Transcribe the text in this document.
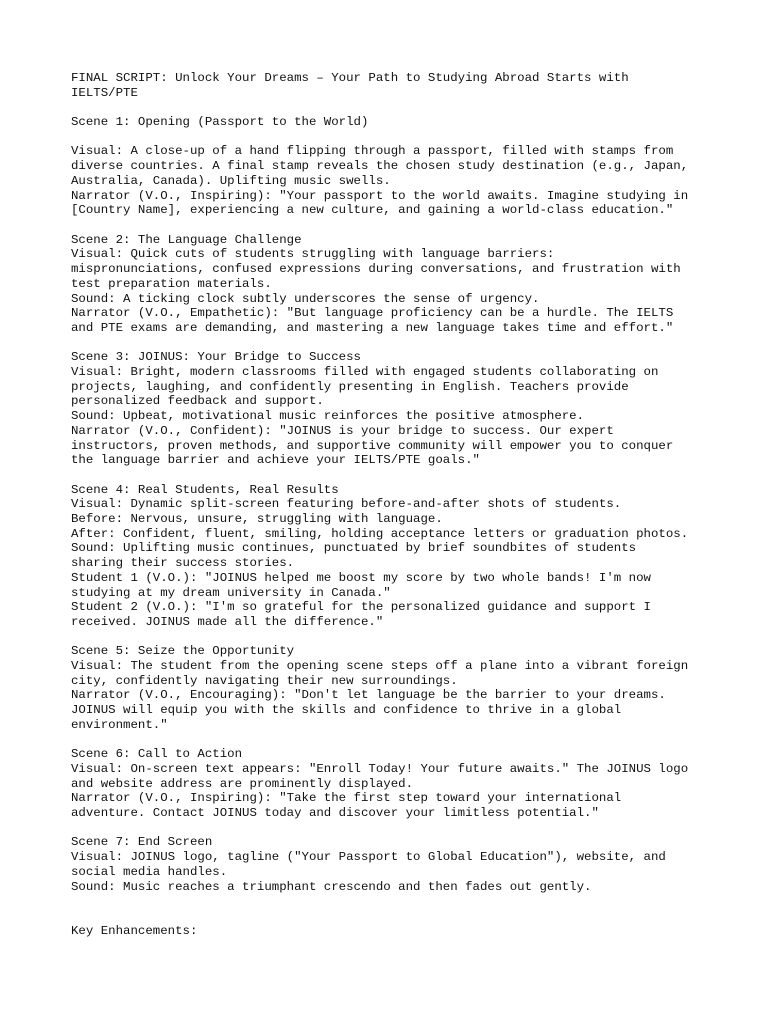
FINAL SCRIPT: Unlock Your Dreams – Your Path to Studying Abroad Starts with
IELTS/PTE
Scene 1: Opening (Passport to the World)
Visual: A close-up of a hand flipping through a passport, filled with stamps from
diverse countries. A final stamp reveals the chosen study destination (e.g., Japan,
Australia, Canada). Uplifting music swells.
Narrator (V.O., Inspiring): "Your passport to the world awaits. Imagine studying in
[Country Name], experiencing a new culture, and gaining a world-class education."
Scene 2: The Language Challenge
Visual: Quick cuts of students struggling with language barriers:
mispronunciations, confused expressions during conversations, and frustration with
test preparation materials.
Sound: A ticking clock subtly underscores the sense of urgency.
Narrator (V.O., Empathetic): "But language proficiency can be a hurdle. The IELTS
and PTE exams are demanding, and mastering a new language takes time and effort."
Scene 3: JOINUS: Your Bridge to Success
Visual: Bright, modern classrooms filled with engaged students collaborating on
projects, laughing, and confidently presenting in English. Teachers provide
personalized feedback and support.
Sound: Upbeat, motivational music reinforces the positive atmosphere.
Narrator (V.O., Confident): "JOINUS is your bridge to success. Our expert
instructors, proven methods, and supportive community will empower you to conquer
the language barrier and achieve your IELTS/PTE goals."
Scene 4: Real Students, Real Results
Visual: Dynamic split-screen featuring before-and-after shots of students.
Before: Nervous, unsure, struggling with language.
After: Confident, fluent, smiling, holding acceptance letters or graduation photos.
Sound: Uplifting music continues, punctuated by brief soundbites of students
sharing their success stories.
Student 1 (V.O.): "JOINUS helped me boost my score by two whole bands! I'm now
studying at my dream university in Canada."
Student 2 (V.O.): "I'm so grateful for the personalized guidance and support I
received. JOINUS made all the difference."
Scene 5: Seize the Opportunity
Visual: The student from the opening scene steps off a plane into a vibrant foreign
city, confidently navigating their new surroundings.
Narrator (V.O., Encouraging): "Don't let language be the barrier to your dreams.
JOINUS will equip you with the skills and confidence to thrive in a global
environment."
Scene 6: Call to Action
Visual: On-screen text appears: "Enroll Today! Your future awaits." The JOINUS logo
and website address are prominently displayed.
Narrator (V.O., Inspiring): "Take the first step toward your international
adventure. Contact JOINUS today and discover your limitless potential."
Scene 7: End Screen
Visual: JOINUS logo, tagline ("Your Passport to Global Education"), website, and
social media handles.
Sound: Music reaches a triumphant crescendo and then fades out gently.
Key Enhancements:
